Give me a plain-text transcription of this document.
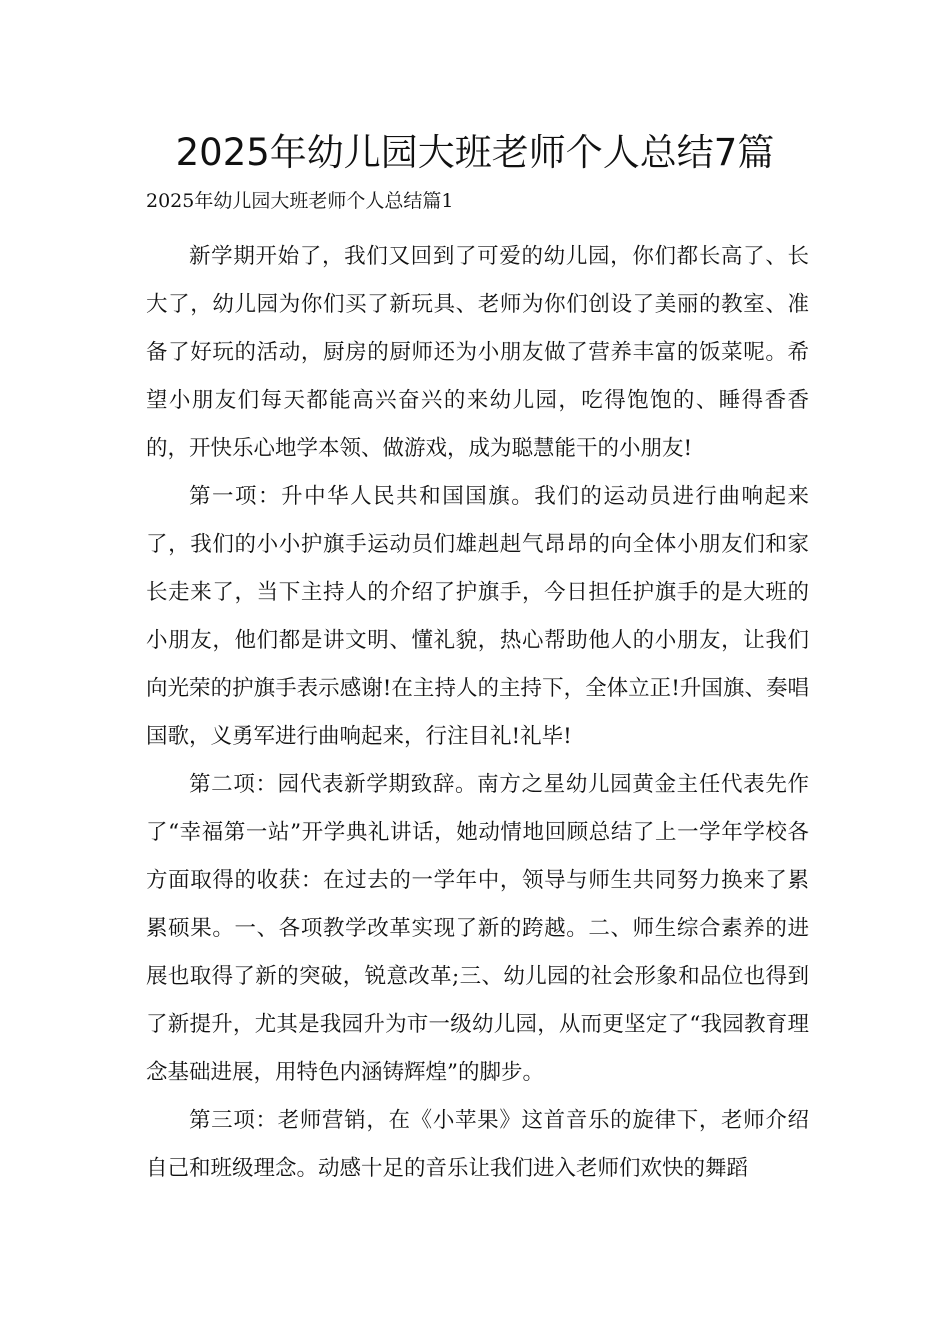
2025年幼儿园大班老师个人总结7篇

2025年幼儿园大班老师个人总结篇1

新学期开始了，我们又回到了可爱的幼儿园，你们都长高了、长大了，幼儿园为你们买了新玩具、老师为你们创设了美丽的教室、准备了好玩的活动，厨房的厨师还为小朋友做了营养丰富的饭菜呢。希望小朋友们每天都能高兴奋兴的来幼儿园，吃得饱饱的、睡得香香的，开快乐心地学本领、做游戏，成为聪慧能干的小朋友!

第一项：升中华人民共和国国旗。我们的运动员进行曲响起来了，我们的小小护旗手运动员们雄赳赳气昂昂的向全体小朋友们和家长走来了，当下主持人的介绍了护旗手，今日担任护旗手的是大班的小朋友，他们都是讲文明、懂礼貌，热心帮助他人的小朋友，让我们向光荣的护旗手表示感谢!在主持人的主持下，全体立正!升国旗、奏唱国歌，义勇军进行曲响起来，行注目礼!礼毕!

第二项：园代表新学期致辞。南方之星幼儿园黄金主任代表先作了“幸福第一站”开学典礼讲话，她动情地回顾总结了上一学年学校各方面取得的收获：在过去的一学年中，领导与师生共同努力换来了累累硕果。一、各项教学改革实现了新的跨越。二、师生综合素养的进展也取得了新的突破，锐意改革;三、幼儿园的社会形象和品位也得到了新提升，尤其是我园升为市一级幼儿园，从而更坚定了“我园教育理念基础进展，用特色内涵铸辉煌”的脚步。

第三项：老师营销，在《小苹果》这首音乐的旋律下，老师介绍自己和班级理念。动感十足的音乐让我们进入老师们欢快的舞蹈
